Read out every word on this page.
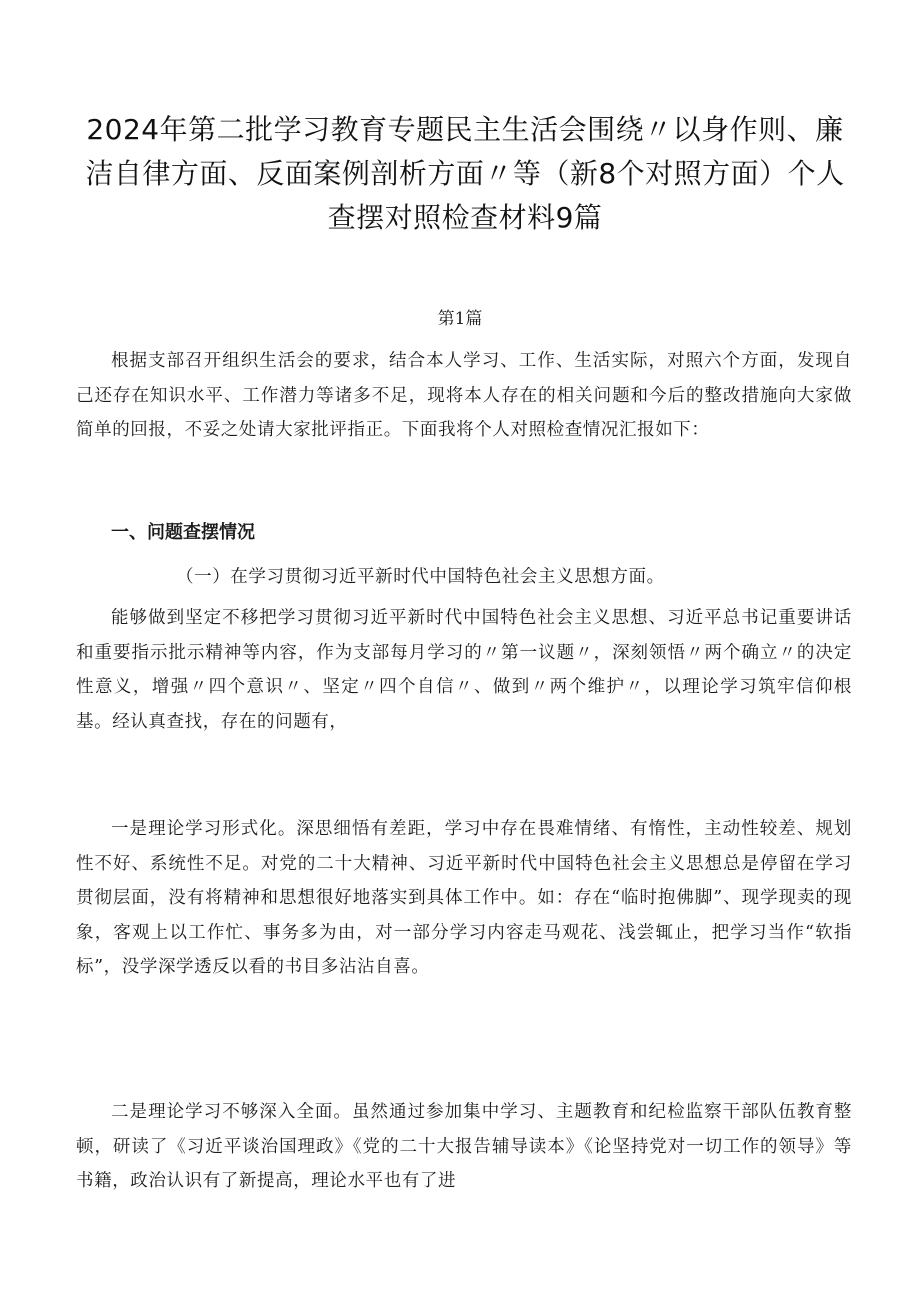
2024年第二批学习教育专题民主生活会围绕〃以身作则、廉洁自律方面、反面案例剖析方面〃等（新8个对照方面）个人查摆对照检查材料9篇

第1篇

根据支部召开组织生活会的要求，结合本人学习、工作、生活实际，对照六个方面，发现自己还存在知识水平、工作潜力等诸多不足，现将本人存在的相关问题和今后的整改措施向大家做简单的回报，不妥之处请大家批评指正。下面我将个人对照检查情况汇报如下：

一、问题查摆情况

（一）在学习贯彻习近平新时代中国特色社会主义思想方面。

能够做到坚定不移把学习贯彻习近平新时代中国特色社会主义思想、习近平总书记重要讲话和重要指示批示精神等内容，作为支部每月学习的〃第一议题〃，深刻领悟〃两个确立〃的决定性意义，增强〃四个意识〃、坚定〃四个自信〃、做到〃两个维护〃，以理论学习筑牢信仰根基。经认真查找，存在的问题有，

一是理论学习形式化。深思细悟有差距，学习中存在畏难情绪、有惰性，主动性较差、规划性不好、系统性不足。对党的二十大精神、习近平新时代中国特色社会主义思想总是停留在学习贯彻层面，没有将精神和思想很好地落实到具体工作中。如：存在“临时抱佛脚”、现学现卖的现象，客观上以工作忙、事务多为由，对一部分学习内容走马观花、浅尝辄止，把学习当作“软指标”，没学深学透反以看的书目多沾沾自喜。

二是理论学习不够深入全面。虽然通过参加集中学习、主题教育和纪检监察干部队伍教育整顿，研读了《习近平谈治国理政》《党的二十大报告辅导读本》《论坚持党对一切工作的领导》等书籍，政治认识有了新提高，理论水平也有了进
